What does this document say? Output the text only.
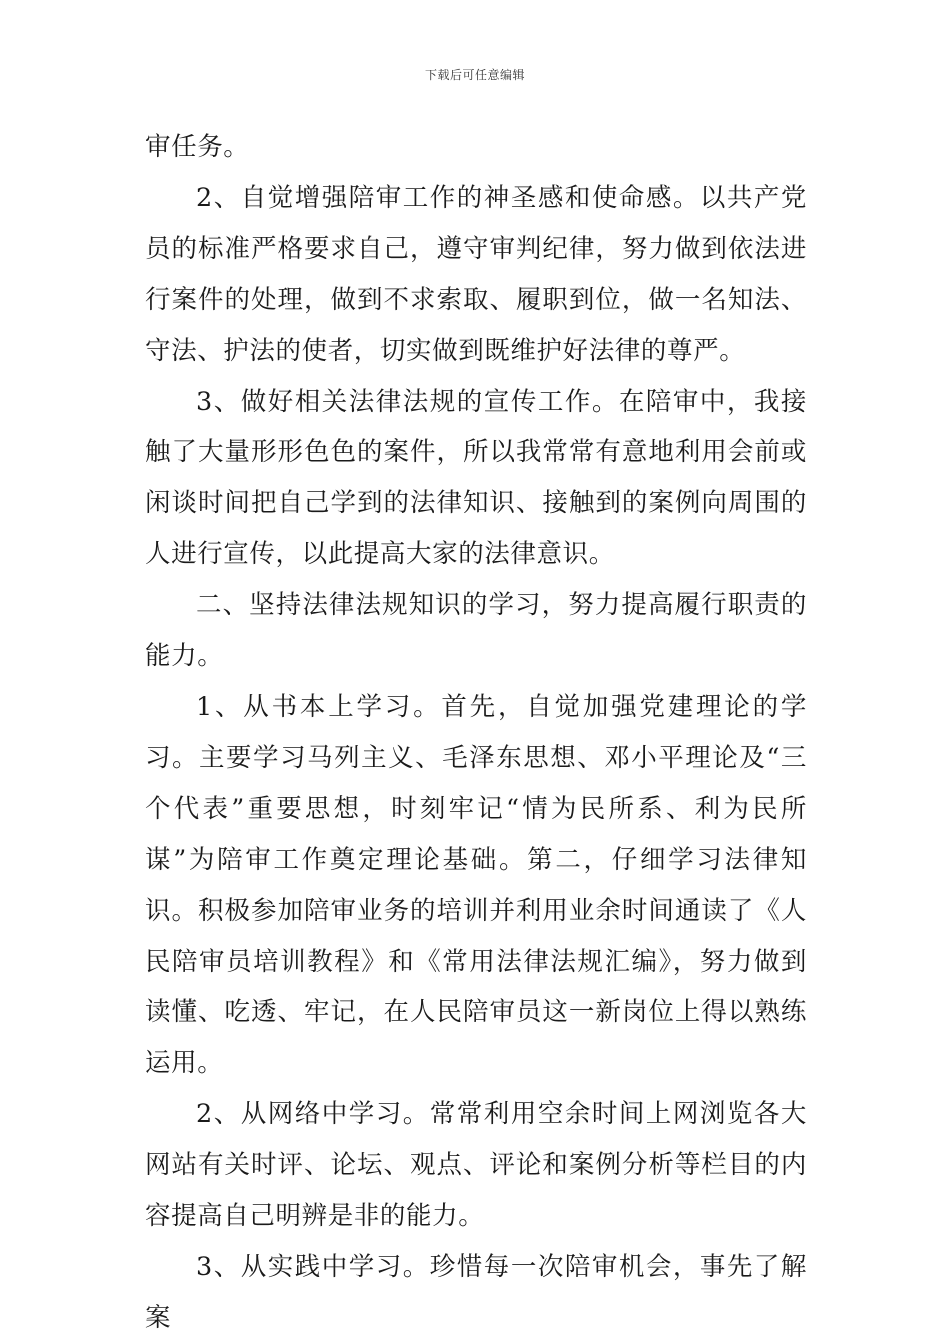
下载后可任意编辑

审任务。

2、自觉增强陪审工作的神圣感和使命感。以共产党员的标准严格要求自己，遵守审判纪律，努力做到依法进行案件的处理，做到不求索取、履职到位，做一名知法、守法、护法的使者，切实做到既维护好法律的尊严。

3、做好相关法律法规的宣传工作。在陪审中，我接触了大量形形色色的案件，所以我常常有意地利用会前或闲谈时间把自己学到的法律知识、接触到的案例向周围的人进行宣传，以此提高大家的法律意识。

二、坚持法律法规知识的学习，努力提高履行职责的能力。

1、从书本上学习。首先，自觉加强党建理论的学习。主要学习马列主义、毛泽东思想、邓小平理论及“三个代表”重要思想，时刻牢记“情为民所系、利为民所谋”为陪审工作奠定理论基础。第二，仔细学习法律知识。积极参加陪审业务的培训并利用业余时间通读了《人民陪审员培训教程》和《常用法律法规汇编》，努力做到读懂、吃透、牢记，在人民陪审员这一新岗位上得以熟练运用。

2、从网络中学习。常常利用空余时间上网浏览各大网站有关时评、论坛、观点、评论和案例分析等栏目的内容提高自己明辨是非的能力。

3、从实践中学习。珍惜每一次陪审机会，事先了解案
